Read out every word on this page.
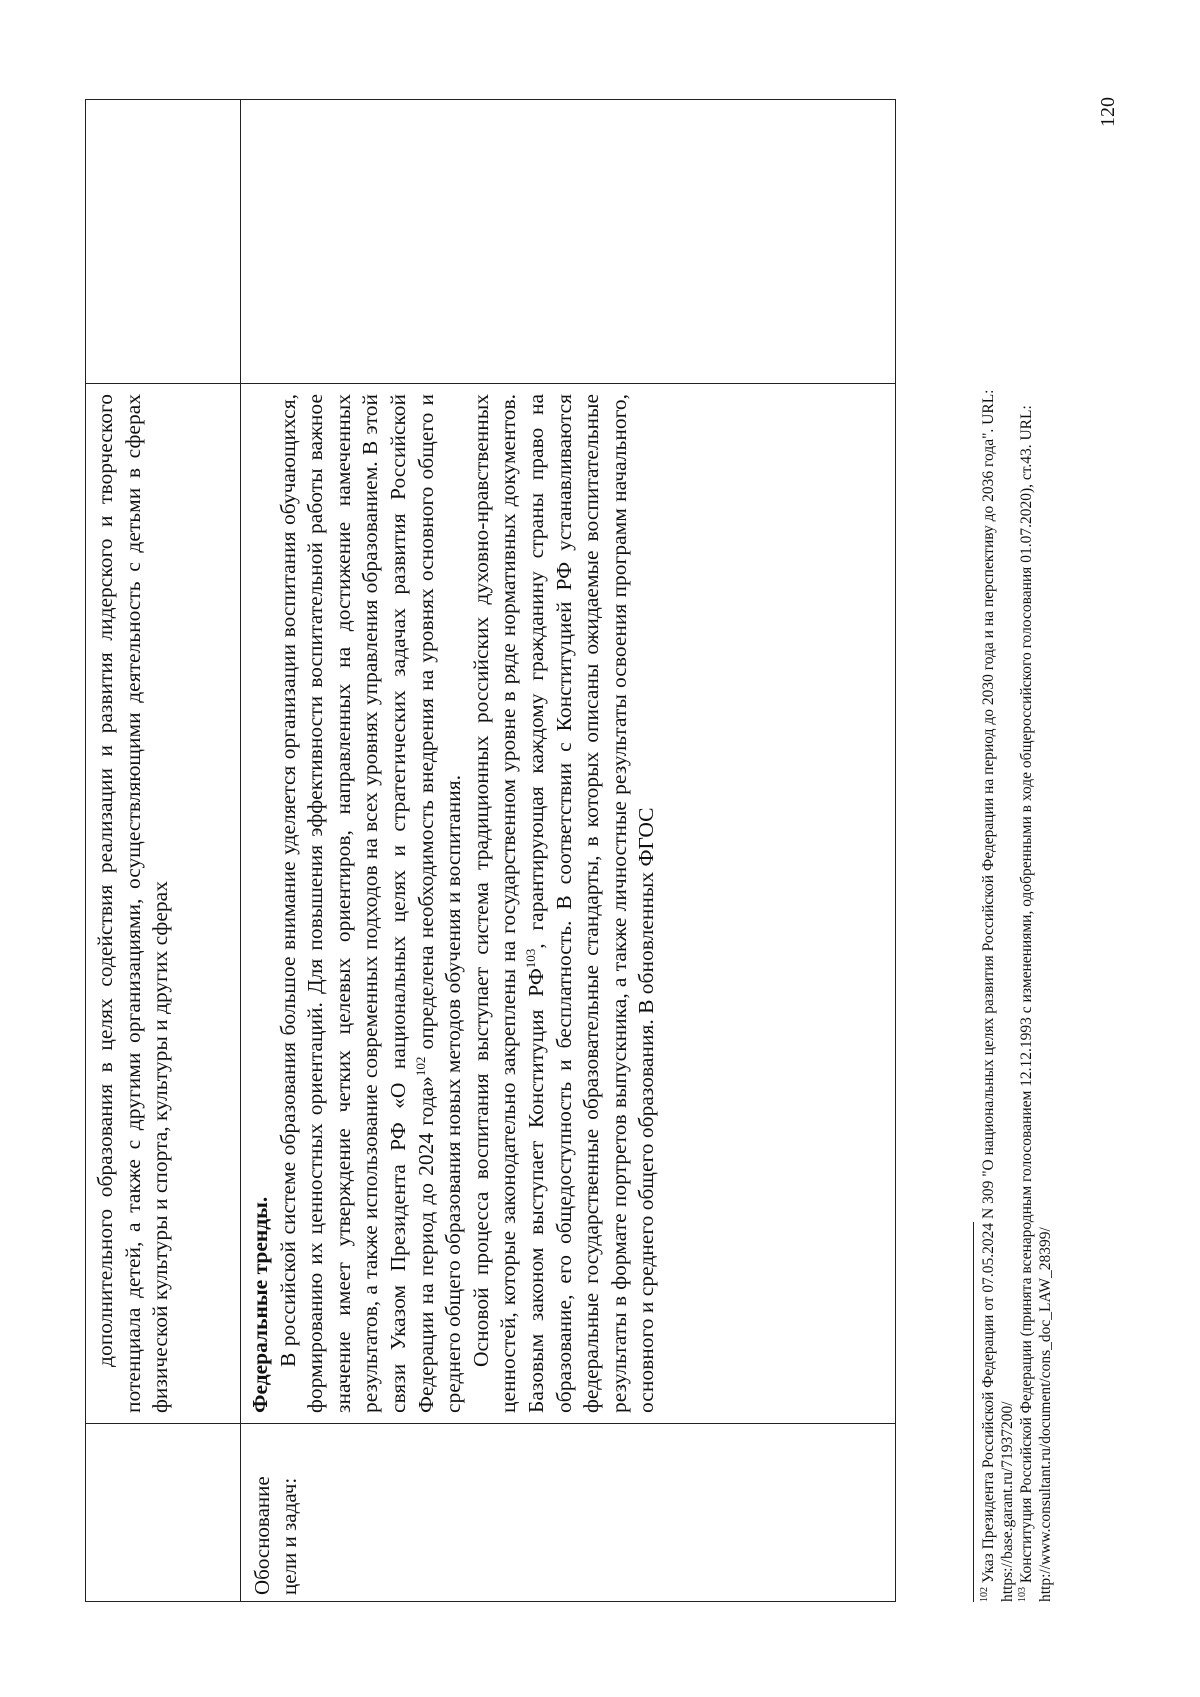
	дополнительного образования в целях содействия реализации и развития лидерского и творческого потенциала детей, а также с другими организациями, осуществляющими деятельность с детьми в сферах физической культуры и спорта, культуры и других сферах	

Обоснование цели и задач:	Федеральные тренды. В российской системе образования большое внимание уделяется организации воспитания обучающихся, формированию их ценностных ориентаций. Для повышения эффективности воспитательной работы важное значение имеет утверждение четких целевых ориентиров, направленных на достижение намеченных результатов, а также использование современных подходов на всех уровнях управления образованием. В этой связи Указом Президента РФ «О национальных целях и стратегических задачах развития Российской Федерации на период до 2024 года»$^{102}$ определена необходимость внедрения на уровнях основного общего и среднего общего образования новых методов обучения и воспитания. Основой процесса воспитания выступает система традиционных российских духовно-нравственных ценностей, которые законодательно закреплены на государственном уровне в ряде нормативных документов. Базовым законом выступает Конституция РФ$^{103}$, гарантирующая каждому гражданину страны право на образование, его общедоступность и бесплатность. В соответствии с Конституцией РФ устанавливаются федеральные государственные образовательные стандарты, в которых описаны ожидаемые воспитательные результаты в формате портретов выпускника, а также личностные результаты освоения программ начального, основного и среднего общего образования. В обновленных ФГОС	

$^{102}$ Указ Президента Российской Федерации от 07.05.2024 N 309 "О национальных целях развития Российской Федерации на период до 2030 года и на перспективу до 2036 года". URL: https://base.garant.ru/71937200/ $^{103}$ Конституция Российской Федерации (принята всенародным голосованием 12.12.1993 с изменениями, одобренными в ходе общероссийского голосования 01.07.2020), ст.43. URL: http://www.consultant.ru/document/cons_doc_LAW_28399/

120
